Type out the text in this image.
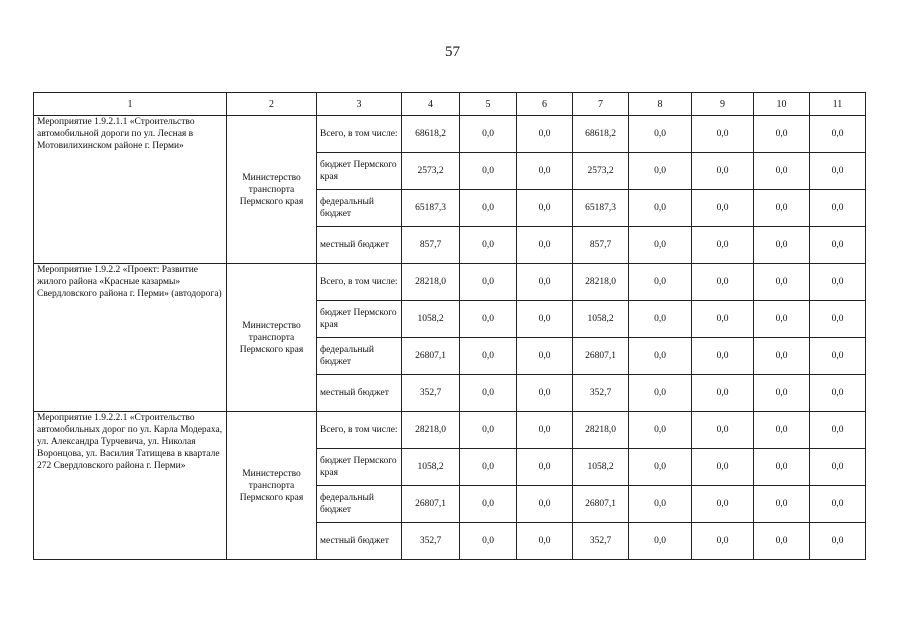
57
1	2	3	4	5	6	7	8	9	10	11
Мероприятие 1.9.2.1.1 «Строительство автомобильной дороги по ул. Лесная в Мотовилихинском районе г. Перми»	Министерство транспорта Пермского края	Всего, в том числе:	68618,2	0,0	0,0	68618,2	0,0	0,0	0,0	0,0
		бюджет Пермского края	2573,2	0,0	0,0	2573,2	0,0	0,0	0,0	0,0
		федеральный бюджет	65187,3	0,0	0,0	65187,3	0,0	0,0	0,0	0,0
		местный бюджет	857,7	0,0	0,0	857,7	0,0	0,0	0,0	0,0
Мероприятие 1.9.2.2 «Проект: Развитие жилого района «Красные казармы» Свердловского района г. Перми» (автодорога)	Министерство транспорта Пермского края	Всего, в том числе:	28218,0	0,0	0,0	28218,0	0,0	0,0	0,0	0,0
		бюджет Пермского края	1058,2	0,0	0,0	1058,2	0,0	0,0	0,0	0,0
		федеральный бюджет	26807,1	0,0	0,0	26807,1	0,0	0,0	0,0	0,0
		местный бюджет	352,7	0,0	0,0	352,7	0,0	0,0	0,0	0,0
Мероприятие 1.9.2.2.1 «Строительство автомобильных дорог по ул. Карла Модераха, ул. Александра Турчевича, ул. Николая Воронцова, ул. Василия Татищева в квартале 272 Свердловского района г. Перми»	Министерство транспорта Пермского края	Всего, в том числе:	28218,0	0,0	0,0	28218,0	0,0	0,0	0,0	0,0
		бюджет Пермского края	1058,2	0,0	0,0	1058,2	0,0	0,0	0,0	0,0
		федеральный бюджет	26807,1	0,0	0,0	26807,1	0,0	0,0	0,0	0,0
		местный бюджет	352,7	0,0	0,0	352,7	0,0	0,0	0,0	0,0
